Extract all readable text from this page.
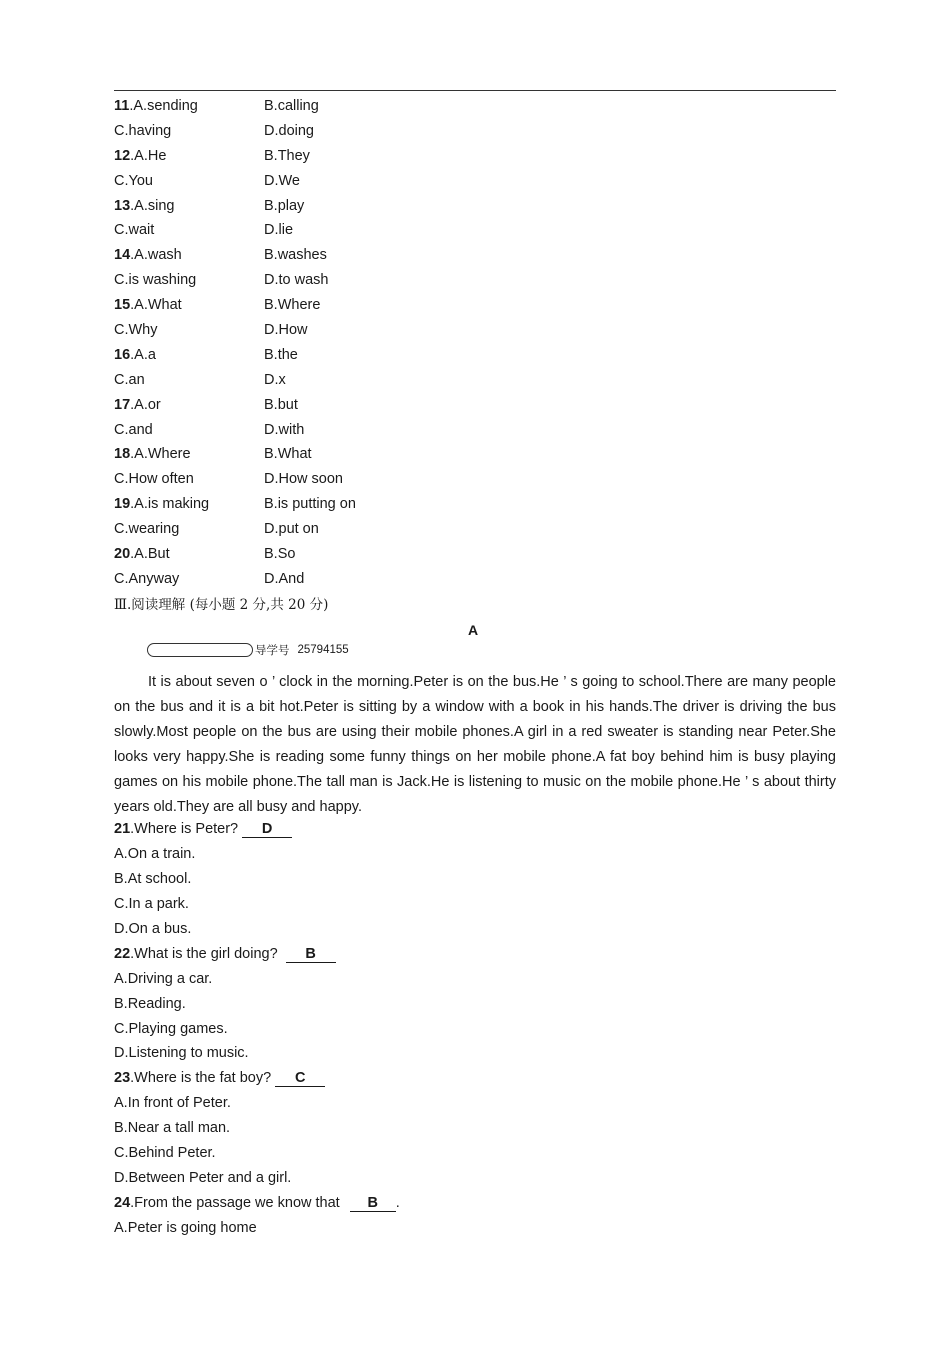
11.A.sending	B.calling
C.having	D.doing
12.A.He	B.They
C.You	D.We
13.A.sing	B.play
C.wait	D.lie
14.A.wash	B.washes
C.is washing	D.to wash
15.A.What	B.Where
C.Why	D.How
16.A.a	B.the
C.an	D.x
17.A.or	B.but
C.and	D.with
18.A.Where	B.What
C.How often	D.How soon
19.A.is making	B.is putting on
C.wearing	D.put on
20.A.But	B.So
C.Anyway	D.And
Ⅲ.阅读理解 (每小题 2 分,共 20 分)
A
导学号 25794155

It is about seven o ’ clock in the morning.Peter is on the bus.He ’ s going to school.There are many people on the bus and it is a bit hot.Peter is sitting by a window with a book in his hands.The driver is driving the bus slowly.Most people on the bus are using their mobile phones.A girl in a red sweater is standing near Peter.She looks very happy.She is reading some funny things on her mobile phone.A fat boy behind him is busy playing games on his mobile phone.The tall man is Jack.He is listening to music on the mobile phone.He ’ s about thirty years old.They are all busy and happy.

21.Where is Peter? D
A.On a train.
B.At school.
C.In a park.
D.On a bus.
22.What is the girl doing? B
A.Driving a car.
B.Reading.
C.Playing games.
D.Listening to music.
23.Where is the fat boy? C
A.In front of Peter.
B.Near a tall man.
C.Behind Peter.
D.Between Peter and a girl.
24.From the passage we know that B .
A.Peter is going home
